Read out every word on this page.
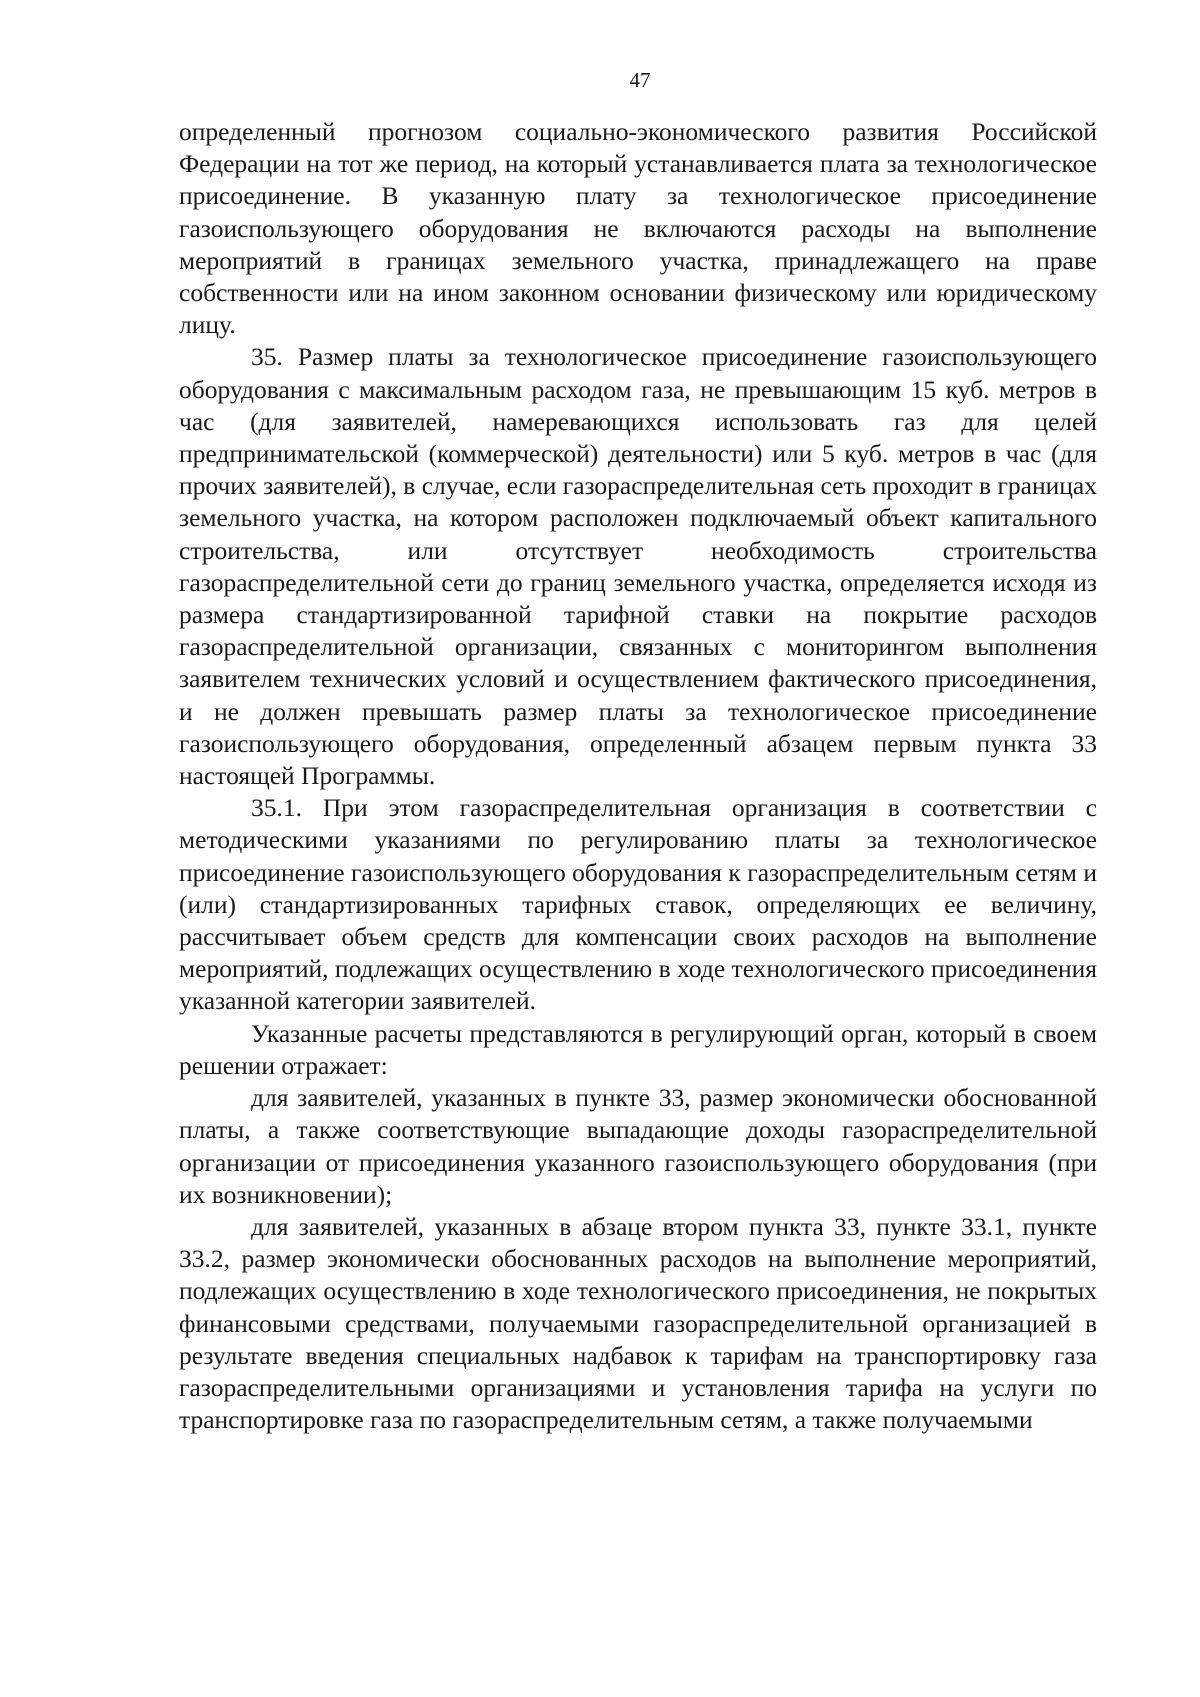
47

определенный прогнозом социально-экономического развития Российской Федерации на тот же период, на который устанавливается плата за технологическое присоединение. В указанную плату за технологическое присоединение газоиспользующего оборудования не включаются расходы на выполнение мероприятий в границах земельного участка, принадлежащего на праве собственности или на ином законном основании физическому или юридическому лицу.

35. Размер платы за технологическое присоединение газоиспользующего оборудования с максимальным расходом газа, не превышающим 15 куб. метров в час (для заявителей, намеревающихся использовать газ для целей предпринимательской (коммерческой) деятельности) или 5 куб. метров в час (для прочих заявителей), в случае, если газораспределительная сеть проходит в границах земельного участка, на котором расположен подключаемый объект капитального строительства, или отсутствует необходимость строительства газораспределительной сети до границ земельного участка, определяется исходя из размера стандартизированной тарифной ставки на покрытие расходов газораспределительной организации, связанных с мониторингом выполнения заявителем технических условий и осуществлением фактического присоединения, и не должен превышать размер платы за технологическое присоединение газоиспользующего оборудования, определенный абзацем первым пункта 33 настоящей Программы.

35.1. При этом газораспределительная организация в соответствии с методическими указаниями по регулированию платы за технологическое присоединение газоиспользующего оборудования к газораспределительным сетям и (или) стандартизированных тарифных ставок, определяющих ее величину, рассчитывает объем средств для компенсации своих расходов на выполнение мероприятий, подлежащих осуществлению в ходе технологического присоединения указанной категории заявителей.

Указанные расчеты представляются в регулирующий орган, который в своем решении отражает:

для заявителей, указанных в пункте 33, размер экономически обоснованной платы, а также соответствующие выпадающие доходы газораспределительной организации от присоединения указанного газоиспользующего оборудования (при их возникновении);

для заявителей, указанных в абзаце втором пункта 33, пункте 33.1, пункте 33.2, размер экономически обоснованных расходов на выполнение мероприятий, подлежащих осуществлению в ходе технологического присоединения, не покрытых финансовыми средствами, получаемыми газораспределительной организацией в результате введения специальных надбавок к тарифам на транспортировку газа газораспределительными организациями и установления тарифа на услуги по транспортировке газа по газораспределительным сетям, а также получаемыми
